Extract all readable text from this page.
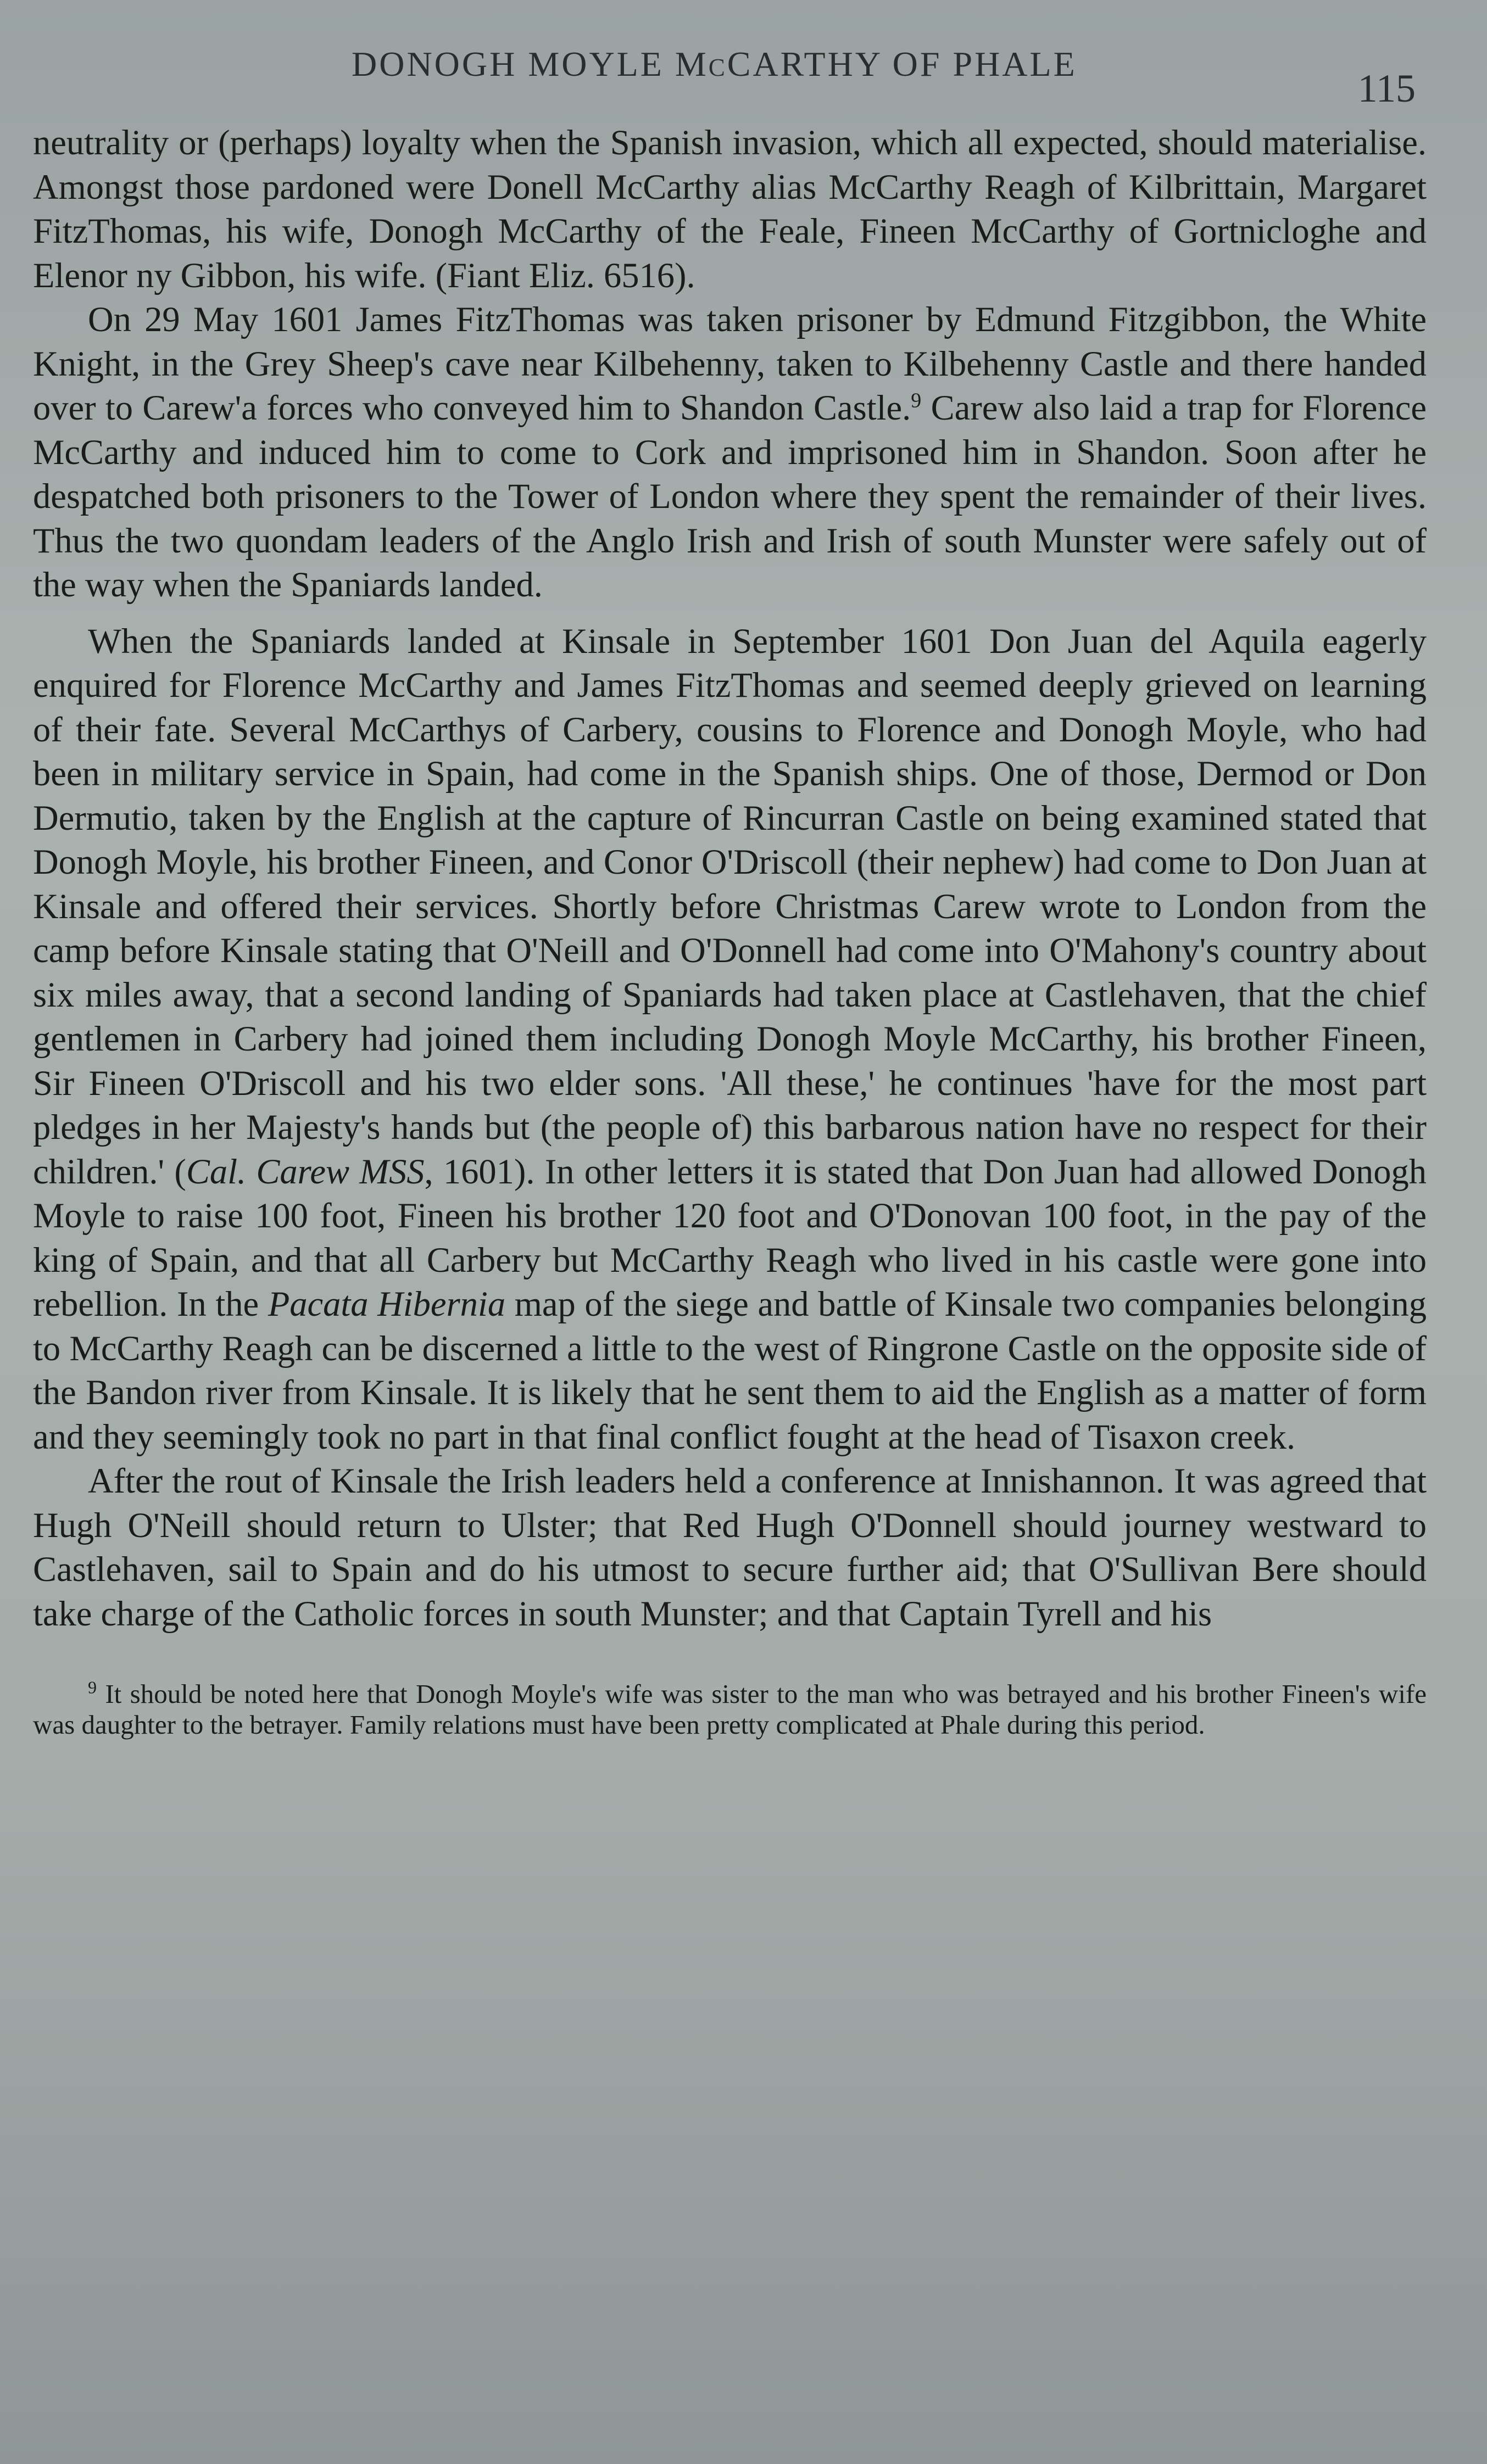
DONOGH MOYLE McCARTHY OF PHALE
115

neutrality or (perhaps) loyalty when the Spanish invasion, which all expected, should materialise. Amongst those pardoned were Donell McCarthy alias McCarthy Reagh of Kilbrittain, Margaret FitzThomas, his wife, Donogh McCarthy of the Feale, Fineen McCarthy of Gortnicloghe and Elenor ny Gibbon, his wife. (Fiant Eliz. 6516).

On 29 May 1601 James FitzThomas was taken prisoner by Edmund Fitzgibbon, the White Knight, in the Grey Sheep's cave near Kilbehenny, taken to Kilbehenny Castle and there handed over to Carew'a forces who conveyed him to Shandon Castle.$^9$ Carew also laid a trap for Florence McCarthy and induced him to come to Cork and imprisoned him in Shandon. Soon after he despatched both prisoners to the Tower of London where they spent the remainder of their lives. Thus the two quondam leaders of the Anglo Irish and Irish of south Munster were safely out of the way when the Spaniards landed.

When the Spaniards landed at Kinsale in September 1601 Don Juan del Aquila eagerly enquired for Florence McCarthy and James FitzThomas and seemed deeply grieved on learning of their fate. Several McCarthys of Carbery, cousins to Florence and Donogh Moyle, who had been in military service in Spain, had come in the Spanish ships. One of those, Dermod or Don Dermutio, taken by the English at the capture of Rincurran Castle on being examined stated that Donogh Moyle, his brother Fineen, and Conor O'Driscoll (their nephew) had come to Don Juan at Kinsale and offered their services. Shortly before Christmas Carew wrote to London from the camp before Kinsale stating that O'Neill and O'Donnell had come into O'Mahony's country about six miles away, that a second landing of Spaniards had taken place at Castlehaven, that the chief gentlemen in Carbery had joined them including Donogh Moyle McCarthy, his brother Fineen, Sir Fineen O'Driscoll and his two elder sons. 'All these,' he continues 'have for the most part pledges in her Majesty's hands but (the people of) this barbarous nation have no respect for their children.' (Cal. Carew MSS, 1601). In other letters it is stated that Don Juan had allowed Donogh Moyle to raise 100 foot, Fineen his brother 120 foot and O'Donovan 100 foot, in the pay of the king of Spain, and that all Carbery but McCarthy Reagh who lived in his castle were gone into rebellion. In the Pacata Hibernia map of the siege and battle of Kinsale two companies belonging to McCarthy Reagh can be discerned a little to the west of Ringrone Castle on the opposite side of the Bandon river from Kinsale. It is likely that he sent them to aid the English as a matter of form and they seemingly took no part in that final conflict fought at the head of Tisaxon creek.

After the rout of Kinsale the Irish leaders held a conference at Innishannon. It was agreed that Hugh O'Neill should return to Ulster; that Red Hugh O'Donnell should journey westward to Castlehaven, sail to Spain and do his utmost to secure further aid; that O'Sullivan Bere should take charge of the Catholic forces in south Munster; and that Captain Tyrell and his

$^9$ It should be noted here that Donogh Moyle's wife was sister to the man who was betrayed and his brother Fineen's wife was daughter to the betrayer. Family relations must have been pretty complicated at Phale during this period.
